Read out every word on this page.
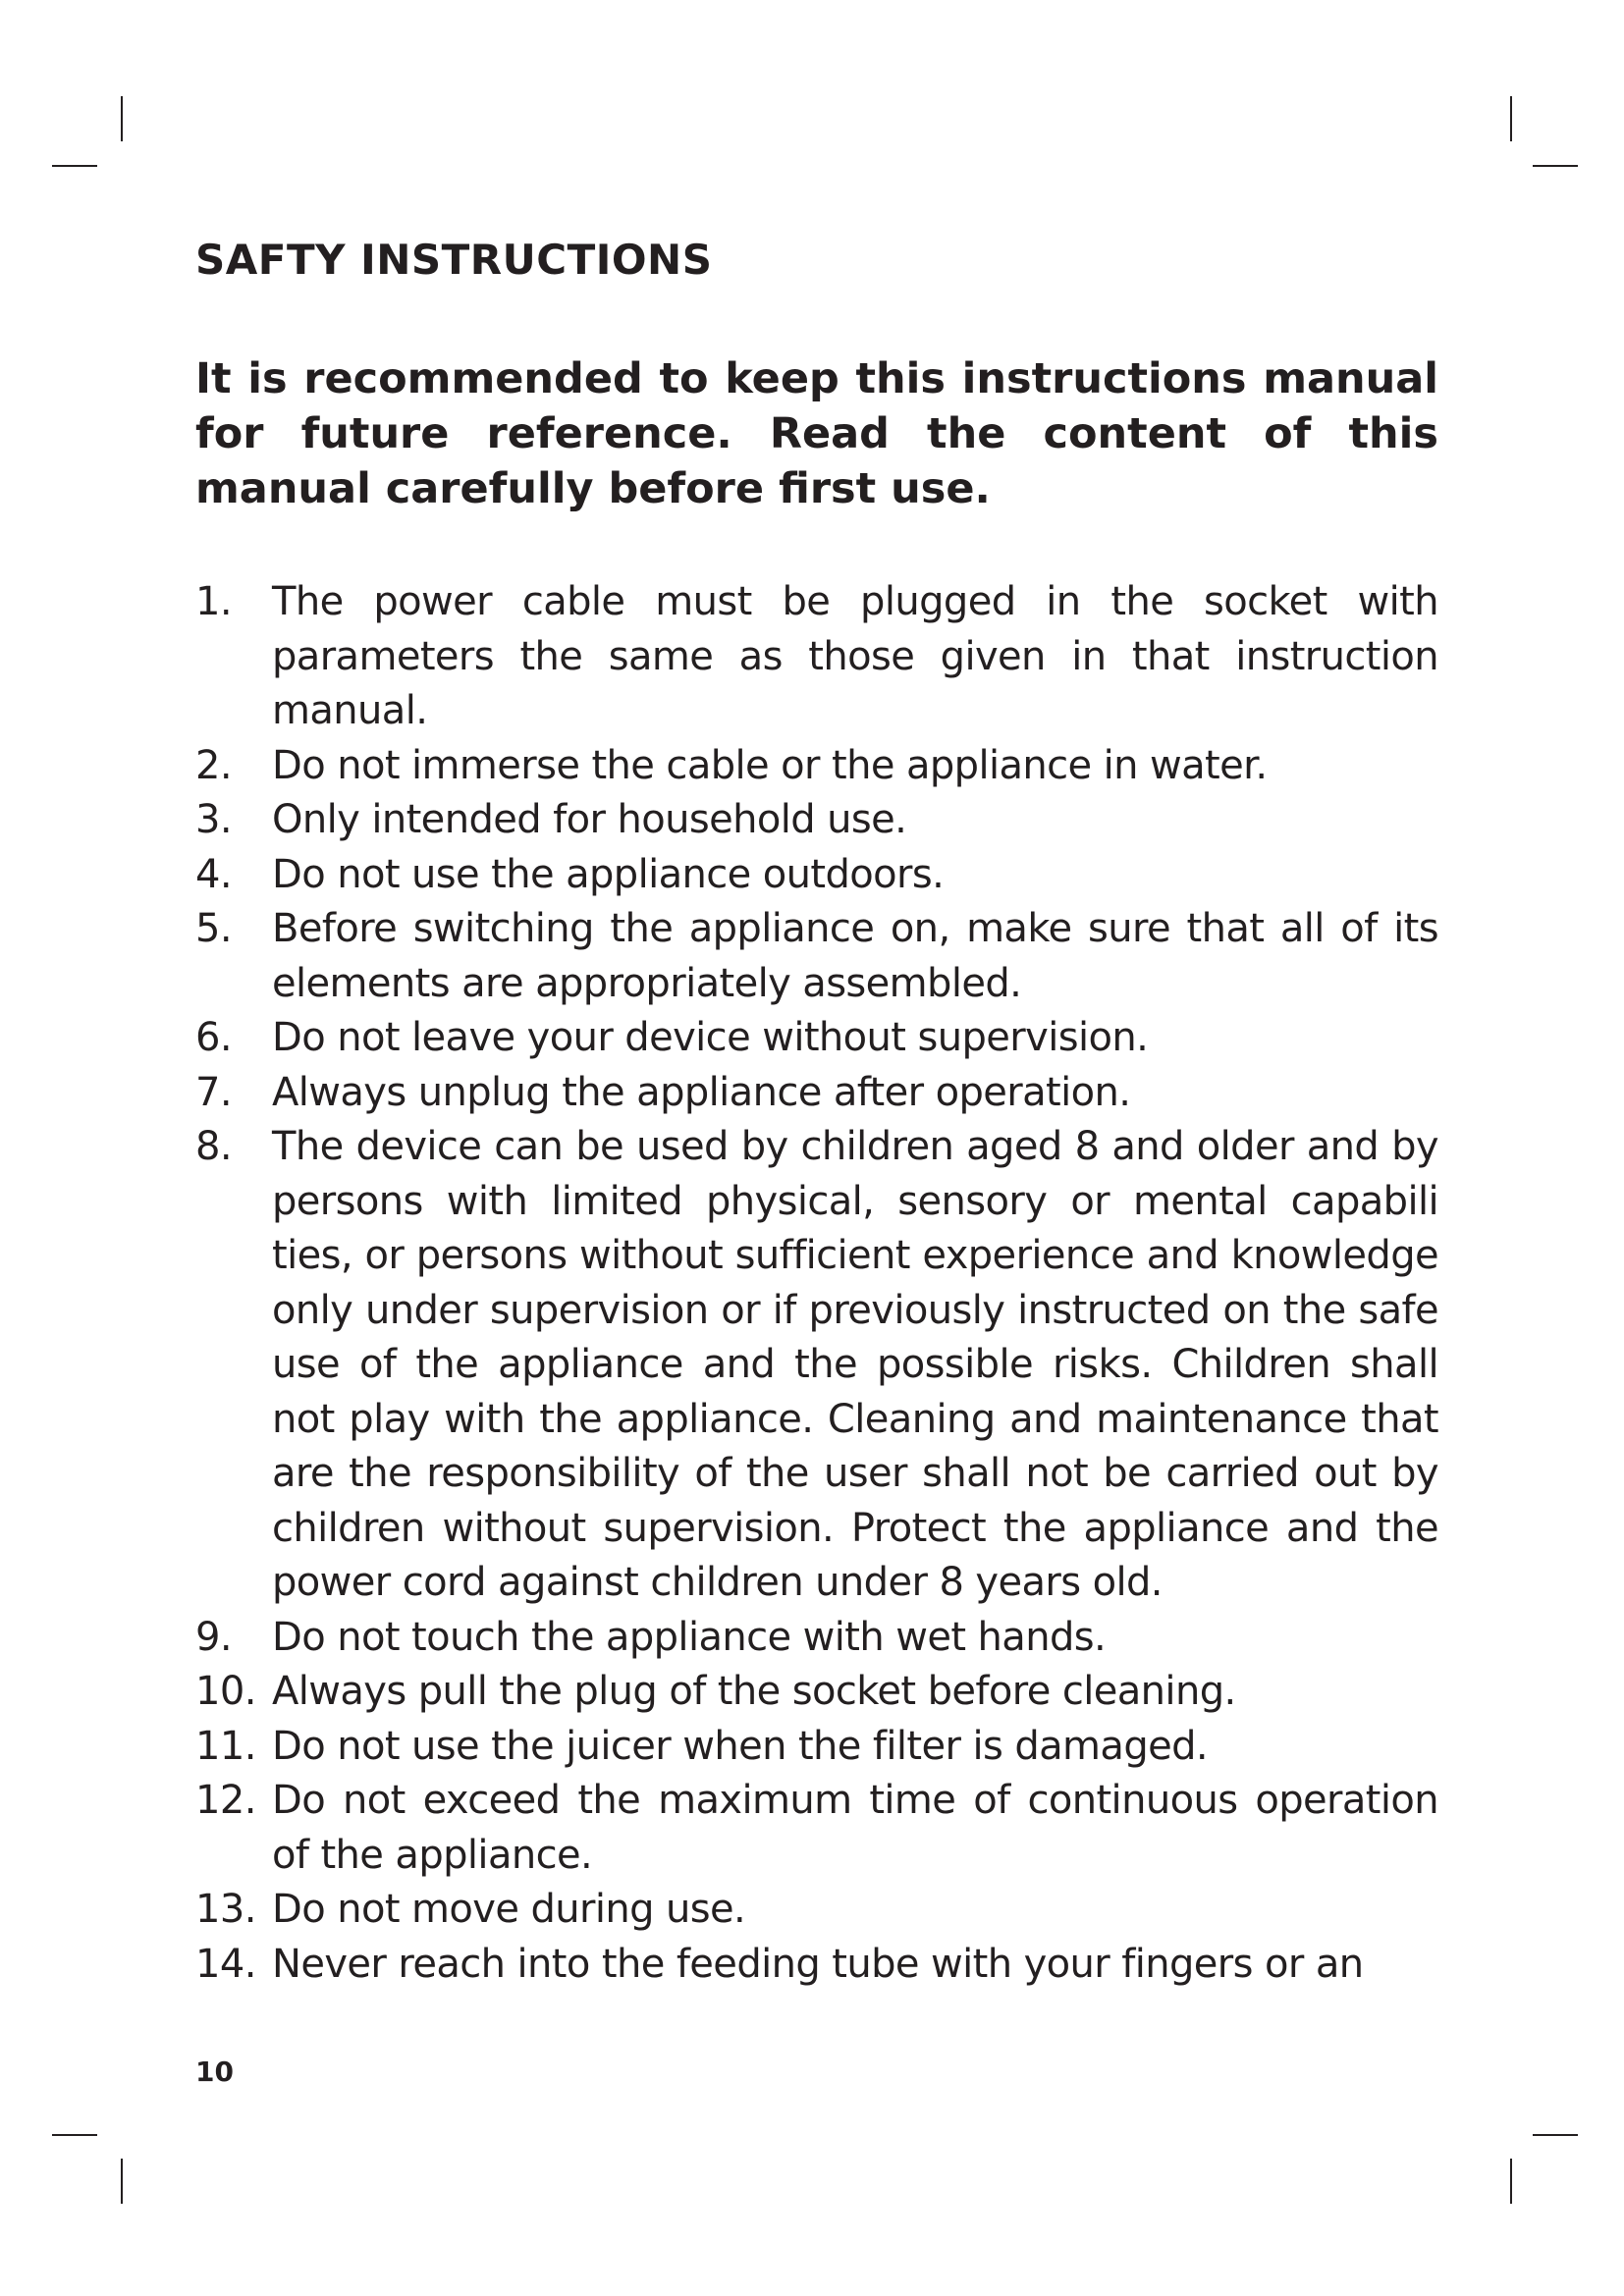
SAFTY INSTRUCTIONS

It is recommended to keep this instructions manual for future reference. Read the content of this manual carefully before first use.

1.	The power cable must be plugged in the socket with parameters the same as those given in that instruction manual.
2.	Do not immerse the cable or the appliance in water.
3.	Only intended for household use.
4.	Do not use the appliance outdoors.
5.	Before switching the appliance on, make sure that all of its elements are appropriately assembled.
6.	Do not leave your device without supervision.
7.	Always unplug the appliance after operation.
8.	The device can be used by children aged 8 and older and by persons with limited physical, sensory or mental capabili ties, or persons without sufficient experience and knowledge only under supervision or if previously instructed on the safe use of the appliance and the possible risks. Children shall not play with the appliance. Cleaning and maintenance that are the responsibility of the user shall not be carried out by children without supervision. Protect the appliance and the power cord against children under 8 years old.
9.	Do not touch the appliance with wet hands.
10. Always pull the plug of the socket before cleaning.
11. Do not use the juicer when the filter is damaged.
12. Do not exceed the maximum time of continuous operation of the appliance.
13. Do not move during use.
14. Never reach into the feeding tube with your fingers or an
10
